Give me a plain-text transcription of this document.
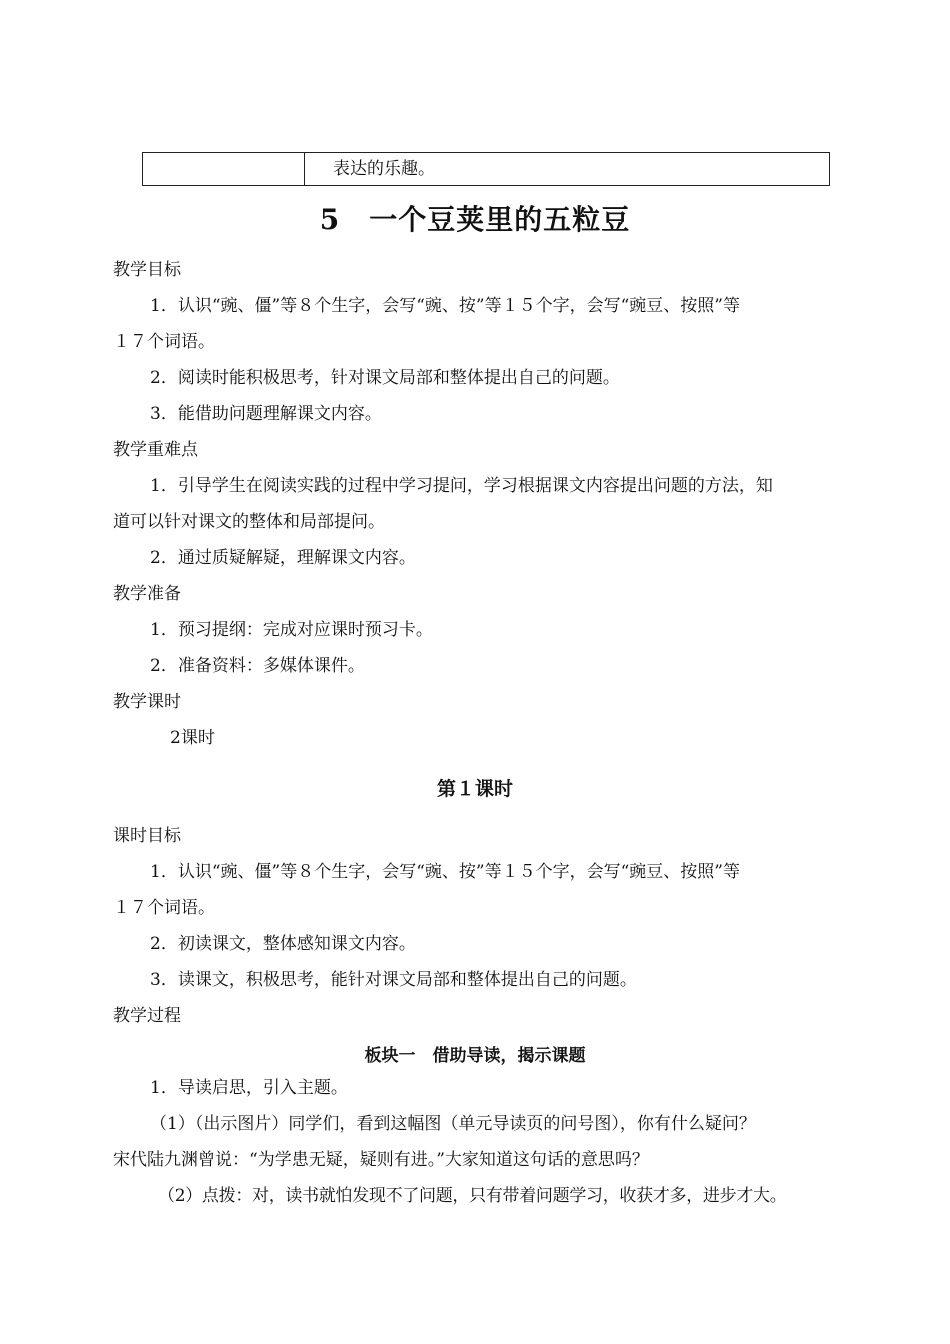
表达的乐趣。
5　一个豆荚里的五粒豆
教学目标
1．认识“豌、僵”等８个生字，会写“豌、按”等１５个字，会写“豌豆、按照”等
１７个词语。
2．阅读时能积极思考，针对课文局部和整体提出自己的问题。
3．能借助问题理解课文内容。
教学重难点
1．引导学生在阅读实践的过程中学习提问，学习根据课文内容提出问题的方法，知
道可以针对课文的整体和局部提问。
2．通过质疑解疑，理解课文内容。
教学准备
1．预习提纲：完成对应课时预习卡。
2．准备资料：多媒体课件。
教学课时
2课时
第１课时
课时目标
1．认识“豌、僵”等８个生字，会写“豌、按”等１５个字，会写“豌豆、按照”等
１７个词语。
2．初读课文，整体感知课文内容。
3．读课文，积极思考，能针对课文局部和整体提出自己的问题。
教学过程
板块一　借助导读，揭示课题
1．导读启思，引入主题。
（1）（出示图片）同学们，看到这幅图（单元导读页的问号图），你有什么疑问？
宋代陆九渊曾说：“为学患无疑，疑则有进。”大家知道这句话的意思吗？
（2）点拨：对，读书就怕发现不了问题，只有带着问题学习，收获才多，进步才大。
